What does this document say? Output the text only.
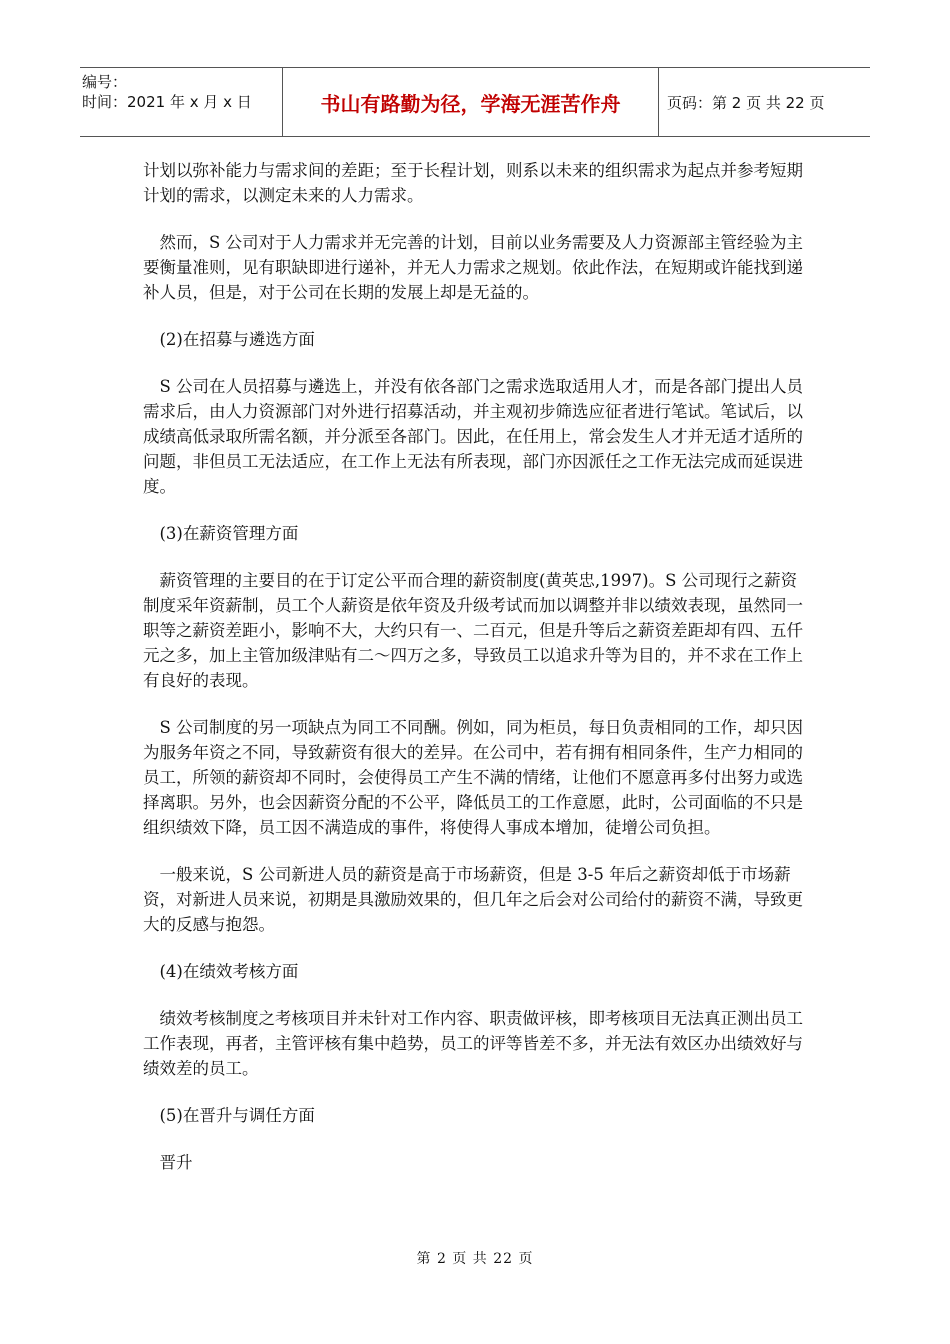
编号：
时间：2021 年 x 月 x 日	书山有路勤为径，学海无涯苦作舟	页码：第 2 页 共 22 页

计划以弥补能力与需求间的差距；至于长程计划，则系以未来的组织需求为起点并参考短期计划的需求，以测定未来的人力需求。

然而，S 公司对于人力需求并无完善的计划，目前以业务需要及人力资源部主管经验为主要衡量准则，见有职缺即进行递补，并无人力需求之规划。依此作法，在短期或许能找到递补人员，但是，对于公司在长期的发展上却是无益的。

(2)在招募与遴选方面

S 公司在人员招募与遴选上，并没有依各部门之需求选取适用人才，而是各部门提出人员需求后，由人力资源部门对外进行招募活动，并主观初步筛选应征者进行笔试。笔试后，以成绩高低录取所需名额，并分派至各部门。因此，在任用上，常会发生人才并无适才适所的问题，非但员工无法适应，在工作上无法有所表现，部门亦因派任之工作无法完成而延误进度。

(3)在薪资管理方面

薪资管理的主要目的在于订定公平而合理的薪资制度(黄英忠,1997)。S 公司现行之薪资制度采年资薪制，员工个人薪资是依年资及升级考试而加以调整并非以绩效表现，虽然同一职等之薪资差距小，影响不大，大约只有一、二百元，但是升等后之薪资差距却有四、五仟元之多，加上主管加级津贴有二～四万之多，导致员工以追求升等为目的，并不求在工作上有良好的表现。

S 公司制度的另一项缺点为同工不同酬。例如，同为柜员，每日负责相同的工作，却只因为服务年资之不同，导致薪资有很大的差异。在公司中，若有拥有相同条件，生产力相同的员工，所领的薪资却不同时，会使得员工产生不满的情绪，让他们不愿意再多付出努力或选择离职。另外，也会因薪资分配的不公平，降低员工的工作意愿，此时，公司面临的不只是组织绩效下降，员工因不满造成的事件，将使得人事成本增加，徒增公司负担。

一般来说，S 公司新进人员的薪资是高于市场薪资，但是 3-5 年后之薪资却低于市场薪资，对新进人员来说，初期是具激励效果的，但几年之后会对公司给付的薪资不满，导致更大的反感与抱怨。

(4)在绩效考核方面

绩效考核制度之考核项目并未针对工作内容、职责做评核，即考核项目无法真正测出员工工作表现，再者，主管评核有集中趋势，员工的评等皆差不多，并无法有效区办出绩效好与绩效差的员工。

(5)在晋升与调任方面

晋升

第 2 页 共 22 页
